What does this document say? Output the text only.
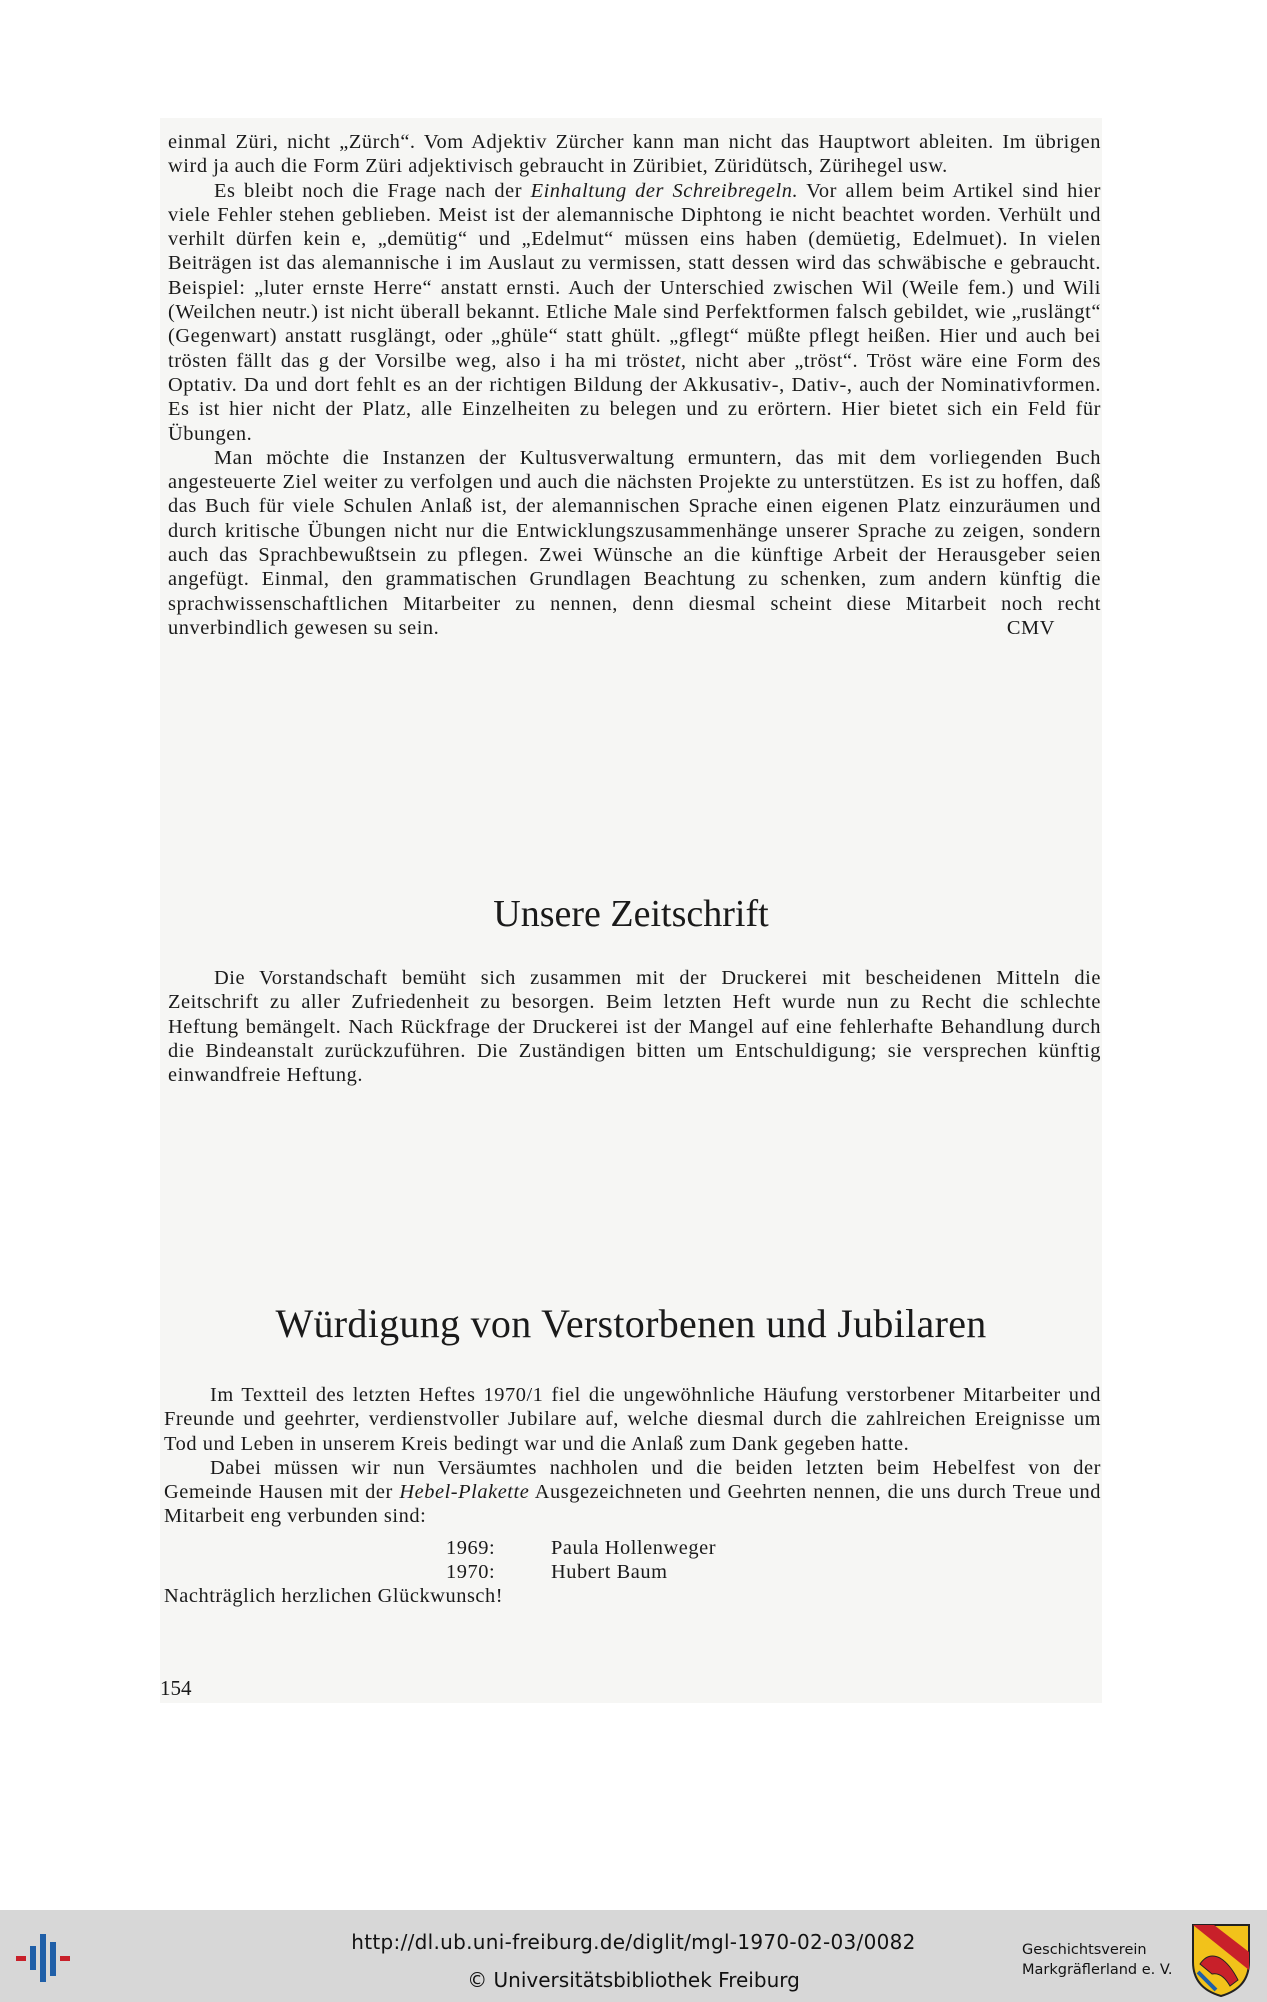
einmal Züri, nicht „Zürch“. Vom Adjektiv Zürcher kann man nicht das Hauptwort ableiten. Im übrigen wird ja auch die Form Züri adjektivisch gebraucht in Züribiet, Züridütsch, Zürihegel usw.

Es bleibt noch die Frage nach der Einhaltung der Schreibregeln. Vor allem beim Artikel sind hier viele Fehler stehen geblieben. Meist ist der alemannische Diphtong ie nicht beachtet worden. Verhült und verhilt dürfen kein e, „demütig“ und „Edelmut“ müssen eins haben (demüetig, Edelmuet). In vielen Beiträgen ist das alemannische i im Auslaut zu vermissen, statt dessen wird das schwäbische e gebraucht. Beispiel: „luter ernste Herre“ anstatt ernsti. Auch der Unterschied zwischen Wil (Weile fem.) und Wili (Weilchen neutr.) ist nicht überall bekannt. Etliche Male sind Perfektformen falsch gebildet, wie „ruslängt“ (Gegenwart) anstatt rusglängt, oder „ghüle“ statt ghült. „gflegt“ müßte pflegt heißen. Hier und auch bei trösten fällt das g der Vorsilbe weg, also i ha mi tröstet, nicht aber „tröst“. Tröst wäre eine Form des Optativ. Da und dort fehlt es an der richtigen Bildung der Akkusativ-, Dativ-, auch der Nominativformen. Es ist hier nicht der Platz, alle Einzelheiten zu belegen und zu erörtern. Hier bietet sich ein Feld für Übungen.

Man möchte die Instanzen der Kultusverwaltung ermuntern, das mit dem vorliegenden Buch angesteuerte Ziel weiter zu verfolgen und auch die nächsten Projekte zu unterstützen. Es ist zu hoffen, daß das Buch für viele Schulen Anlaß ist, der alemannischen Sprache einen eigenen Platz einzuräumen und durch kritische Übungen nicht nur die Entwicklungszusammenhänge unserer Sprache zu zeigen, sondern auch das Sprachbewußtsein zu pflegen. Zwei Wünsche an die künftige Arbeit der Herausgeber seien angefügt. Einmal, den grammatischen Grundlagen Beachtung zu schenken, zum andern künftig die sprachwissenschaftlichen Mitarbeiter zu nennen, denn diesmal scheint diese Mitarbeit noch recht unverbindlich gewesen su sein.	CMV

Unsere Zeitschrift

Die Vorstandschaft bemüht sich zusammen mit der Druckerei mit bescheidenen Mitteln die Zeitschrift zu aller Zufriedenheit zu besorgen. Beim letzten Heft wurde nun zu Recht die schlechte Heftung bemängelt. Nach Rückfrage der Druckerei ist der Mangel auf eine fehlerhafte Behandlung durch die Bindeanstalt zurückzuführen. Die Zuständigen bitten um Entschuldigung; sie versprechen künftig einwandfreie Heftung.

Würdigung von Verstorbenen und Jubilaren

Im Textteil des letzten Heftes 1970/1 fiel die ungewöhnliche Häufung verstorbener Mitarbeiter und Freunde und geehrter, verdienstvoller Jubilare auf, welche diesmal durch die zahlreichen Ereignisse um Tod und Leben in unserem Kreis bedingt war und die Anlaß zum Dank gegeben hatte.

Dabei müssen wir nun Versäumtes nachholen und die beiden letzten beim Hebelfest von der Gemeinde Hausen mit der Hebel-Plakette Ausgezeichneten und Geehrten nennen, die uns durch Treue und Mitarbeit eng verbunden sind:

1969:	Paula Hollenweger
1970:	Hubert Baum

Nachträglich herzlichen Glückwunsch!

154
http://dl.ub.uni-freiburg.de/diglit/mgl-1970-02-03/0082
© Universitätsbibliothek Freiburg
Geschichtsverein
Markgräflerland e. V.
